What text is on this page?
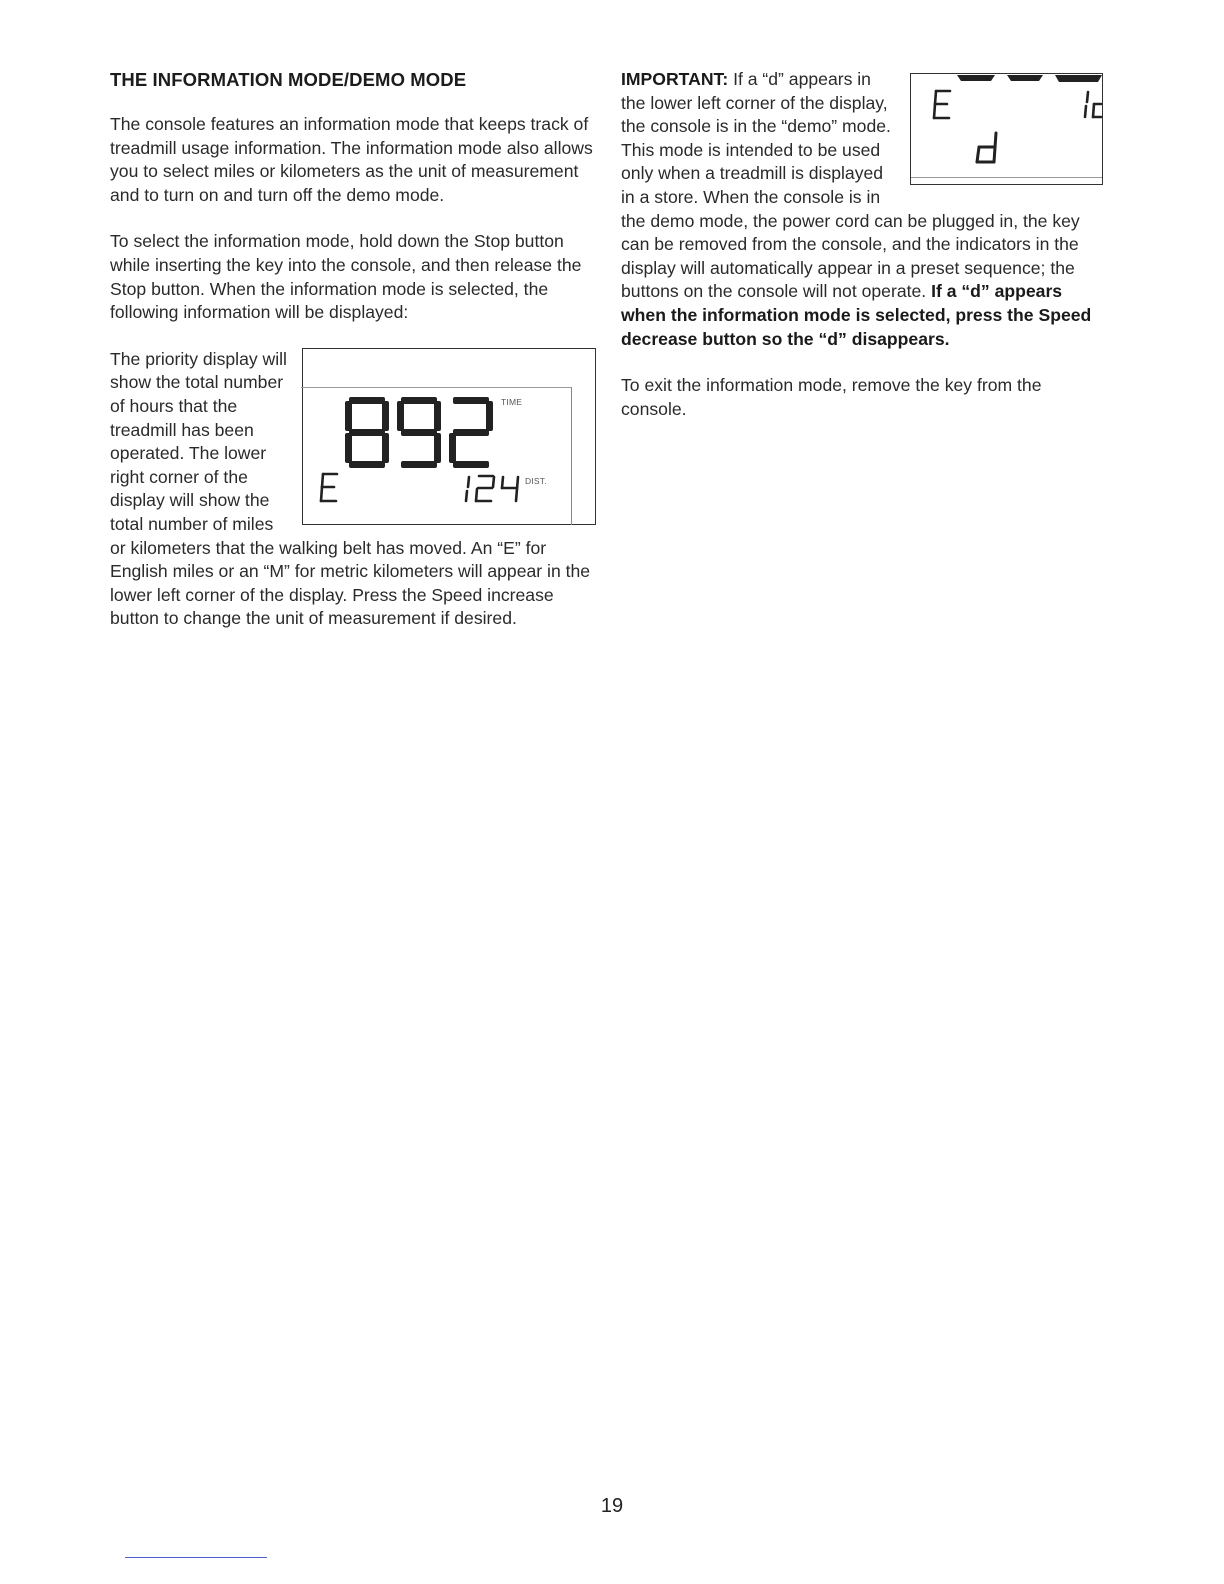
THE INFORMATION MODE/DEMO MODE

The console features an information mode that keeps track of treadmill usage information. The information mode also allows you to select miles or kilometers as the unit of measurement and to turn on and turn off the demo mode.

To select the information mode, hold down the Stop button while inserting the key into the console, and then release the Stop button. When the information mode is selected, the following information will be displayed:

TIME
DIST.

The priority display will show the total number of hours that the treadmill has been operated. The lower right corner of the display will show the total number of miles or kilometers that the walking belt has moved. An “E” for English miles or an “M” for metric kilometers will appear in the lower left corner of the display. Press the Speed increase button to change the unit of measurement if desired.

IMPORTANT: If a “d” appears in the lower left corner of the display, the console is in the “demo” mode. This mode is intended to be used only when a treadmill is displayed in a store. When the console is in the demo mode, the power cord can be plugged in, the key can be removed from the console, and the indicators in the display will automatically appear in a preset sequence; the buttons on the console will not operate. If a “d” appears when the information mode is selected, press the Speed decrease button so the “d” disappears.

To exit the information mode, remove the key from the console.

19
